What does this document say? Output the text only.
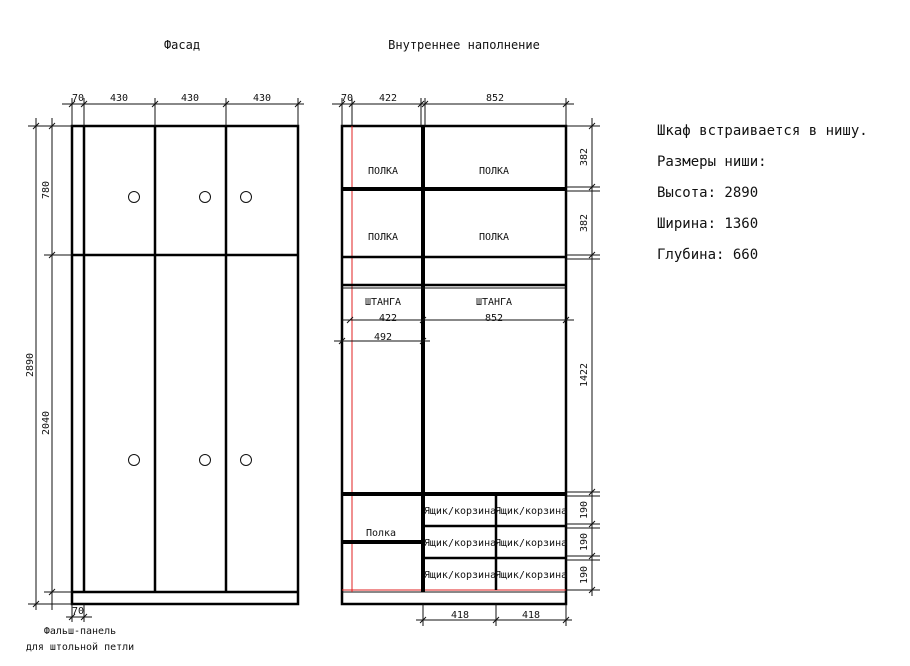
Фасад	Внутреннее наполнение
Шкаф встраивается в нишу.
Размеры ниши:
Высота: 2890
Ширина: 1360
Глубина: 660
70	430	430	430
2890
780
2040
70
Фальш-панель
для штольной петли
ПОЛКА	ПОЛКА
ПОЛКА	ПОЛКА
ШТАНГА	ШТАНГА
422	852
492
Полка
Ящик/корзина
Ящик/корзина
Ящик/корзина
Ящик/корзина
Ящик/корзина
Ящик/корзина
70	422	852
382
382
1422
190
190
190
418	418
